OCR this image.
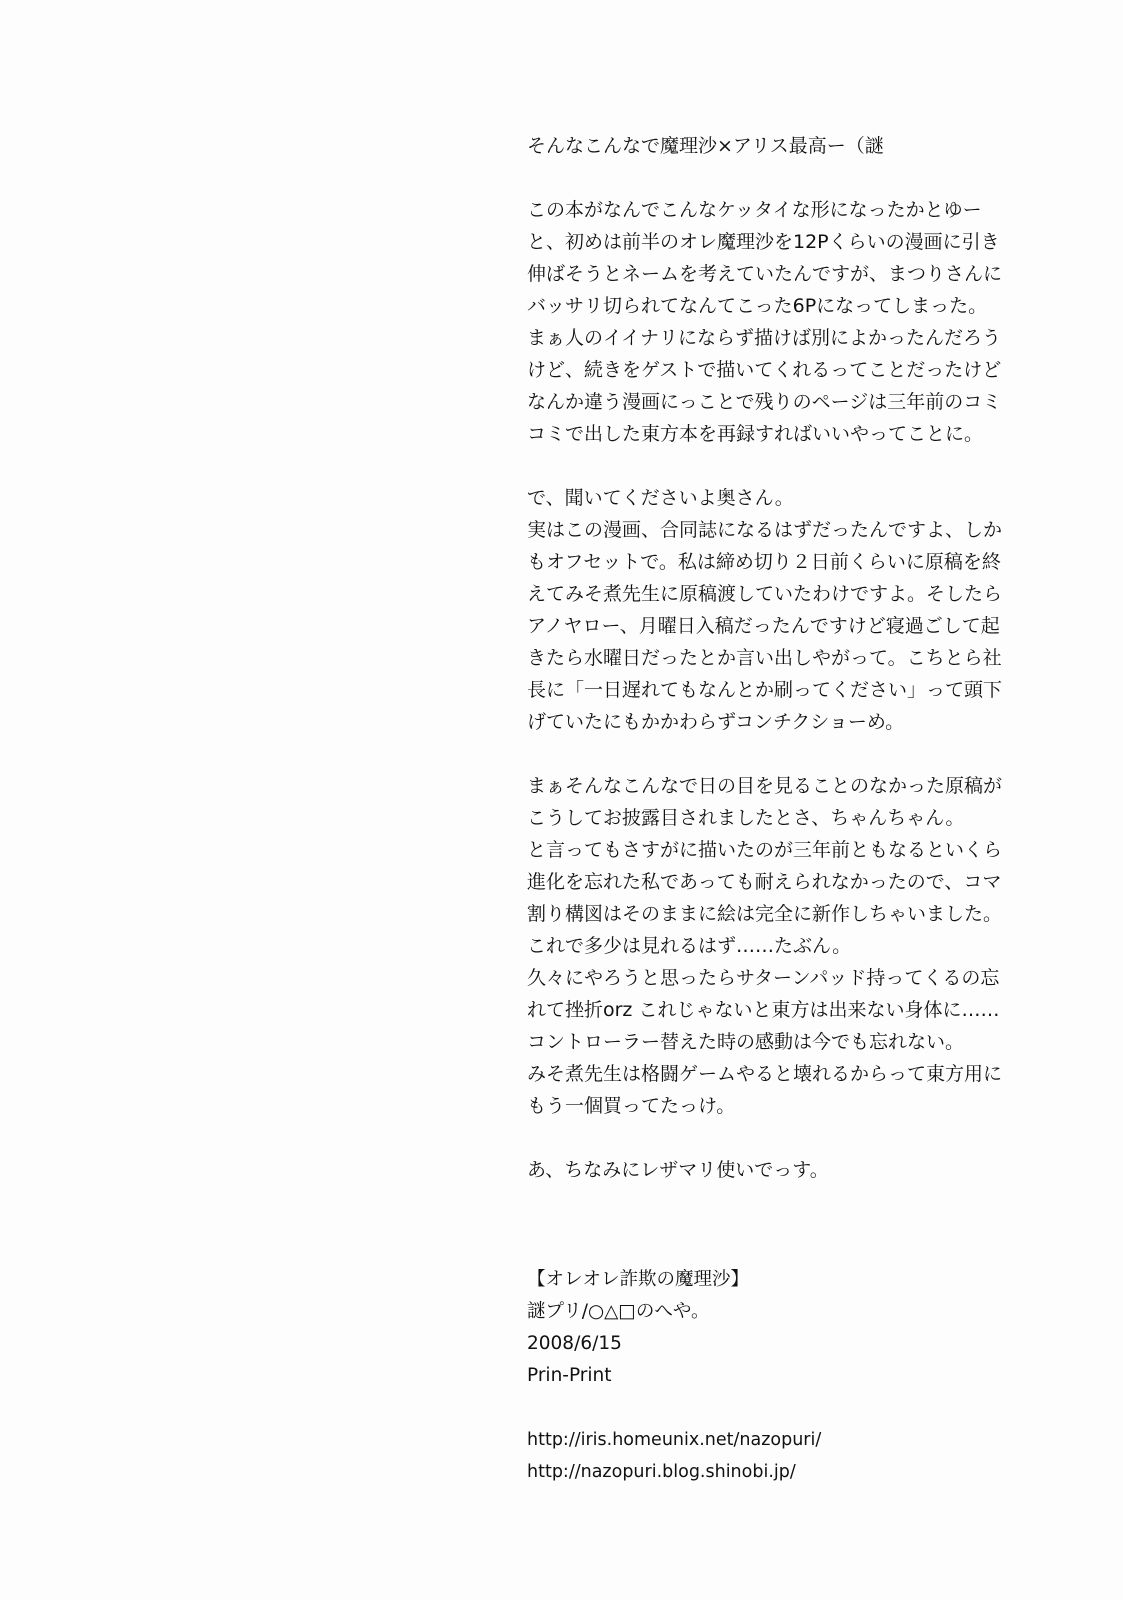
そんなこんなで魔理沙×アリス最高ー（謎
この本がなんでこんなケッタイな形になったかとゆー
と、初めは前半のオレ魔理沙を12Pくらいの漫画に引き
伸ばそうとネームを考えていたんですが、まつりさんに
バッサリ切られてなんてこった6Pになってしまった。
まぁ人のイイナリにならず描けば別によかったんだろう
けど、続きをゲストで描いてくれるってことだったけど
なんか違う漫画にっことで残りのページは三年前のコミ
コミで出した東方本を再録すればいいやってことに。
で、聞いてくださいよ奥さん。
実はこの漫画、合同誌になるはずだったんですよ、しか
もオフセットで。私は締め切り２日前くらいに原稿を終
えてみそ煮先生に原稿渡していたわけですよ。そしたら
アノヤロー、月曜日入稿だったんですけど寝過ごして起
きたら水曜日だったとか言い出しやがって。こちとら社
長に「一日遅れてもなんとか刷ってください」って頭下
げていたにもかかわらずコンチクショーめ。
まぁそんなこんなで日の目を見ることのなかった原稿が
こうしてお披露目されましたとさ、ちゃんちゃん。
と言ってもさすがに描いたのが三年前ともなるといくら
進化を忘れた私であっても耐えられなかったので、コマ
割り構図はそのままに絵は完全に新作しちゃいました。
これで多少は見れるはず……たぶん。
久々にやろうと思ったらサターンパッド持ってくるの忘
れて挫折orz これじゃないと東方は出来ない身体に……
コントローラー替えた時の感動は今でも忘れない。
みそ煮先生は格闘ゲームやると壊れるからって東方用に
もう一個買ってたっけ。
あ、ちなみにレザマリ使いでっす。
【オレオレ詐欺の魔理沙】
謎プリ/○△□のへや。
2008/6/15
Prin-Print
http://iris.homeunix.net/nazopuri/
http://nazopuri.blog.shinobi.jp/
